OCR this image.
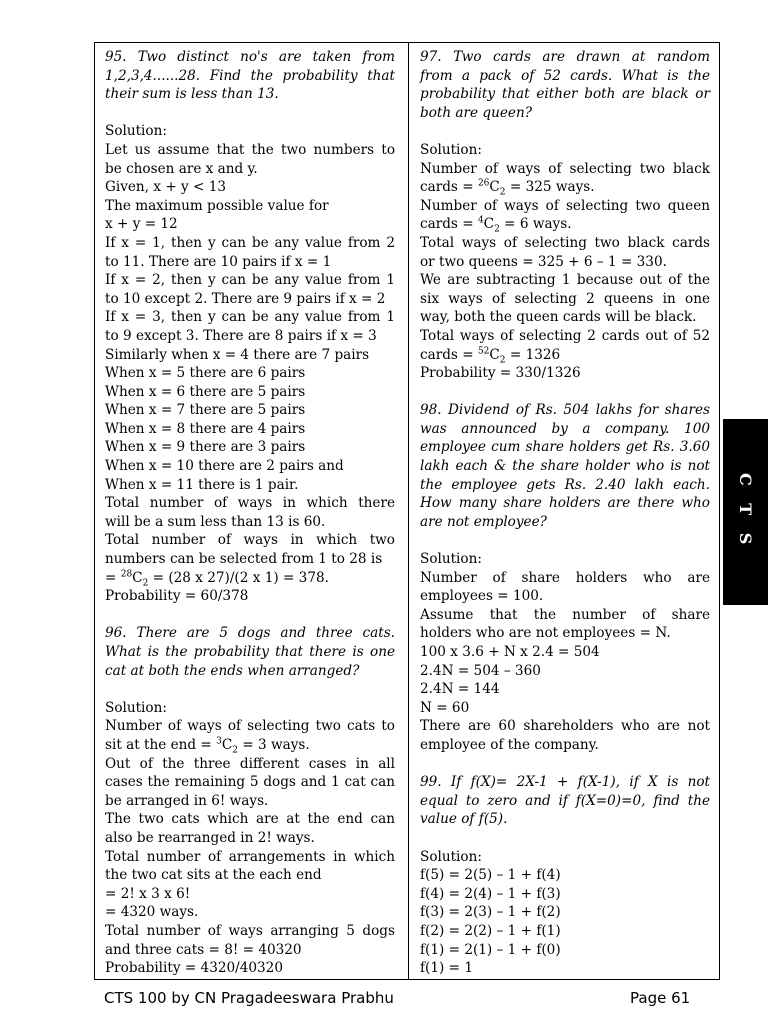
95. Two distinct no's are taken from

1,2,3,4......28. Find the probability that

their sum is less than 13.

Solution:

Let us assume that the two numbers to

be chosen are x and y.

Given, x + y < 13

The maximum possible value for

x + y = 12

If x = 1, then y can be any value from 2

to 11. There are 10 pairs if x = 1

If x = 2, then y can be any value from 1

to 10 except 2. There are 9 pairs if x = 2

If x = 3, then y can be any value from 1

to 9 except 3. There are 8 pairs if x = 3

Similarly when x = 4 there are 7 pairs

When x = 5 there are 6 pairs

When x = 6 there are 5 pairs

When x = 7 there are 5 pairs

When x = 8 there are 4 pairs

When x = 9 there are 3 pairs

When x = 10 there are 2 pairs and

When x = 11 there is 1 pair.

Total number of ways in which there

will be a sum less than 13 is 60.

Total number of ways in which two

numbers can be selected from 1 to 28 is

= $^{28}C_2 = (28$ x 27)/(2 x 1) = 378.

Probability = 60/378

96. There are 5 dogs and three cats.

What is the probability that there is one

cat at both the ends when arranged?

Solution:

Number of ways of selecting two cats to

sit at the end = $^3C_2 = 3$ ways.

Out of the three different cases in all

cases the remaining 5 dogs and 1 cat can

be arranged in 6! ways.

The two cats which are at the end can

also be rearranged in 2! ways.

Total number of arrangements in which

the two cat sits at the each end

= 2! x 3 x 6!

= 4320 ways.

Total number of ways arranging 5 dogs

and three cats = 8! = 40320

Probability = 4320/40320

97. Two cards are drawn at random

from a pack of 52 cards. What is the

probability that either both are black or

both are queen?

Solution:

Number of ways of selecting two black

cards = $^{26}C_2 = 325$ ways.

Number of ways of selecting two queen

cards = $^4C_2 = 6$ ways.

Total ways of selecting two black cards

or two queens = 325 + 6 – 1 = 330.

We are subtracting 1 because out of the

six ways of selecting 2 queens in one

way, both the queen cards will be black.

Total ways of selecting 2 cards out of 52

cards = $^{52}C_2 = 1326$

Probability = 330/1326

98. Dividend of Rs. 504 lakhs for shares

was announced by a company. 100

employee cum share holders get Rs. 3.60

lakh each & the share holder who is not

the employee gets Rs. 2.40 lakh each.

How many share holders are there who

are not employee?

Solution:

Number of share holders who are

employees = 100.

Assume that the number of share

holders who are not employees = N.

100 x 3.6 + N x 2.4 = 504

2.4N = 504 – 360

2.4N = 144

N = 60

There are 60 shareholders who are not

employee of the company.

99. If f(X)= 2X-1 + f(X-1), if X is not

equal to zero and if f(X=0)=0, find the

value of f(5).

Solution:

f(5) = 2(5) – 1 + f(4)

f(4) = 2(4) – 1 + f(3)

f(3) = 2(3) – 1 + f(2)

f(2) = 2(2) – 1 + f(1)

f(1) = 2(1) – 1 + f(0)

f(1) = 1

C T S
CTS 100 by CN Pragadeeswara Prabhu	Page 61
